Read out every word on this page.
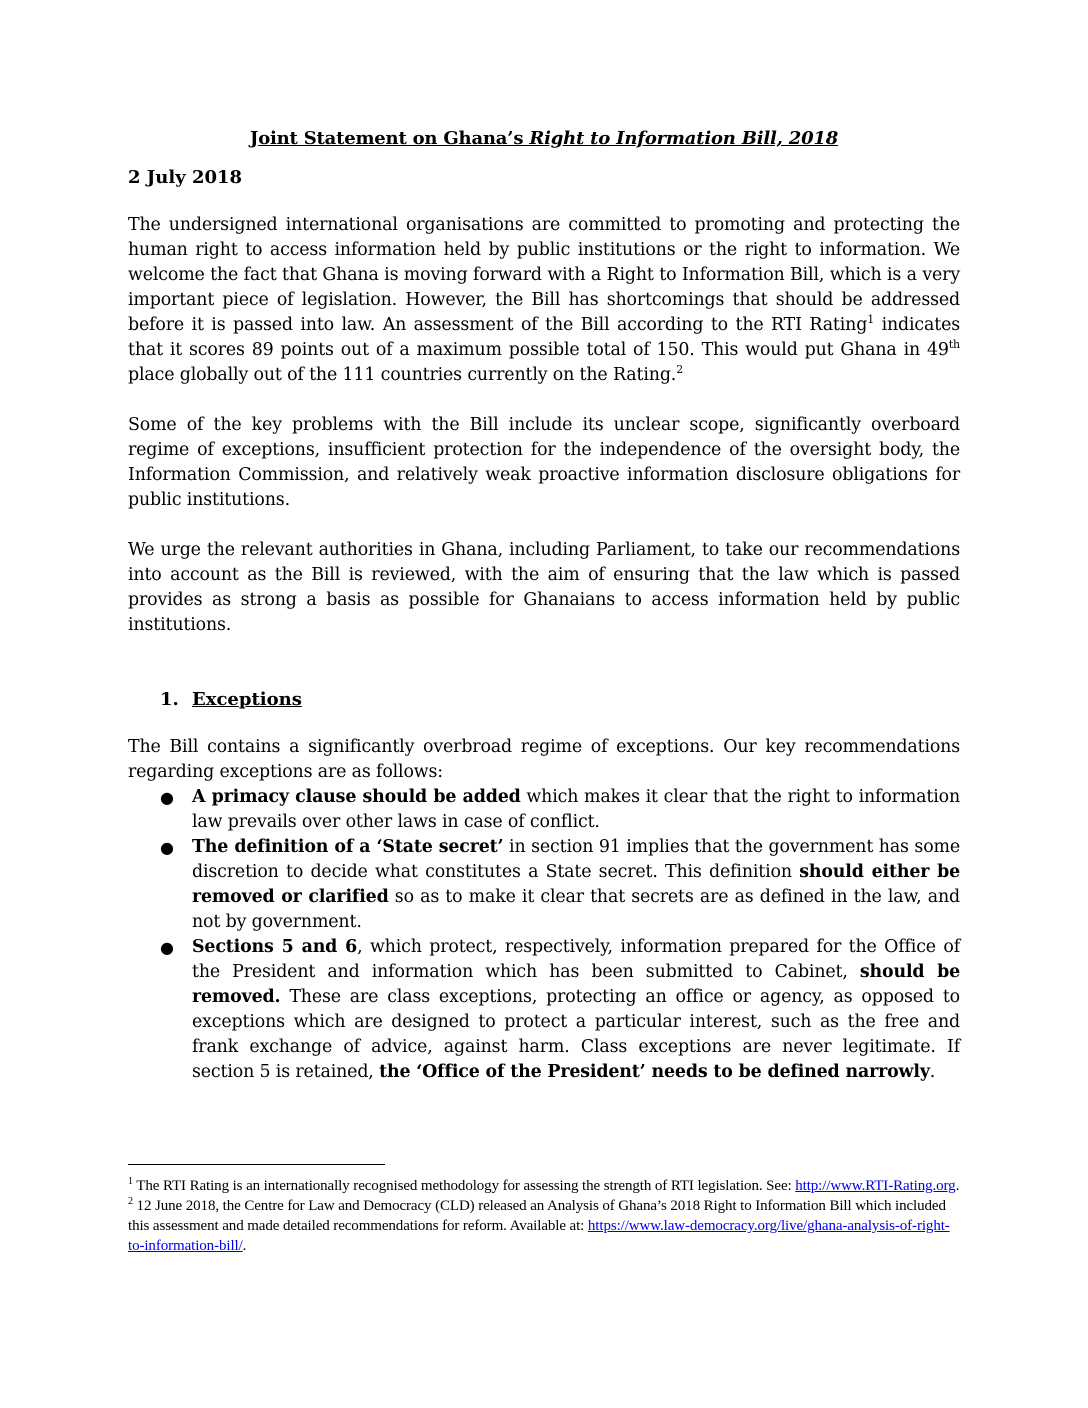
Joint Statement on Ghana’s Right to Information Bill, 2018
2 July 2018

The undersigned international organisations are committed to promoting and protecting the human right to access information held by public institutions or the right to information. We welcome the fact that Ghana is moving forward with a Right to Information Bill, which is a very important piece of legislation. However, the Bill has shortcomings that should be addressed before it is passed into law. An assessment of the Bill according to the RTI Rating$^1$ indicates that it scores 89 points out of a maximum possible total of 150. This would put Ghana in 49th place globally out of the 111 countries currently on the Rating.$^2$

Some of the key problems with the Bill include its unclear scope, significantly overboard regime of exceptions, insufficient protection for the independence of the oversight body, the Information Commission, and relatively weak proactive information disclosure obligations for public institutions.

We urge the relevant authorities in Ghana, including Parliament, to take our recommendations into account as the Bill is reviewed, with the aim of ensuring that the law which is passed provides as strong a basis as possible for Ghanaians to access information held by public institutions.

1. Exceptions

The Bill contains a significantly overbroad regime of exceptions. Our key recommendations regarding exceptions are as follows:

● A primacy clause should be added which makes it clear that the right to information law prevails over other laws in case of conflict.
● The definition of a ‘State secret’ in section 91 implies that the government has some discretion to decide what constitutes a State secret. This definition should either be removed or clarified so as to make it clear that secrets are as defined in the law, and not by government.
● Sections 5 and 6, which protect, respectively, information prepared for the Office of the President and information which has been submitted to Cabinet, should be removed. These are class exceptions, protecting an office or agency, as opposed to exceptions which are designed to protect a particular interest, such as the free and frank exchange of advice, against harm. Class exceptions are never legitimate. If section 5 is retained, the ‘Office of the President’ needs to be defined narrowly.
$^1$ The RTI Rating is an internationally recognised methodology for assessing the strength of RTI legislation. See: http://www.RTI-Rating.org.
$^2$ 12 June 2018, the Centre for Law and Democracy (CLD) released an Analysis of Ghana’s 2018 Right to Information Bill which included this assessment and made detailed recommendations for reform. Available at: https://www.law-democracy.org/live/ghana-analysis-of-right-to-information-bill/.
